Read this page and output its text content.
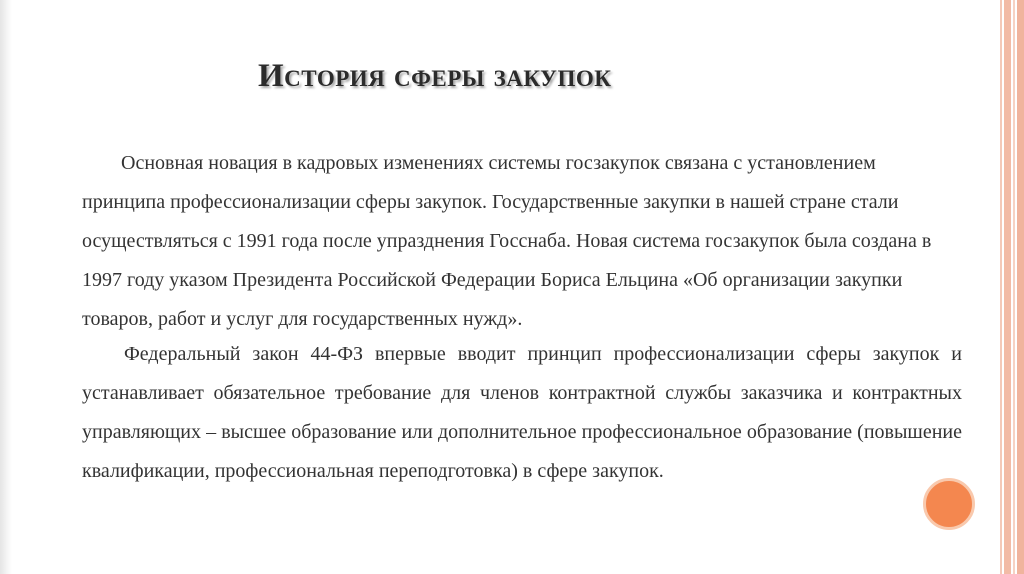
История сферы закупок

Основная новация в кадровых изменениях системы госзакупок связана с установлением принципа профессионализации сферы закупок. Государственные закупки в нашей стране стали осуществляться с 1991 года после упразднения Госснаба. Новая система госзакупок была создана в 1997 году указом Президента Российской Федерации Бориса Ельцина «Об организации закупки товаров, работ и услуг для государственных нужд».

Федеральный закон 44-ФЗ впервые вводит принцип профессионализации сферы закупок и устанавливает обязательное требование для членов контрактной службы заказчика и контрактных управляющих – высшее образование или дополнительное профессиональное образование (повышение квалификации, профессиональная переподготовка) в сфере закупок.
